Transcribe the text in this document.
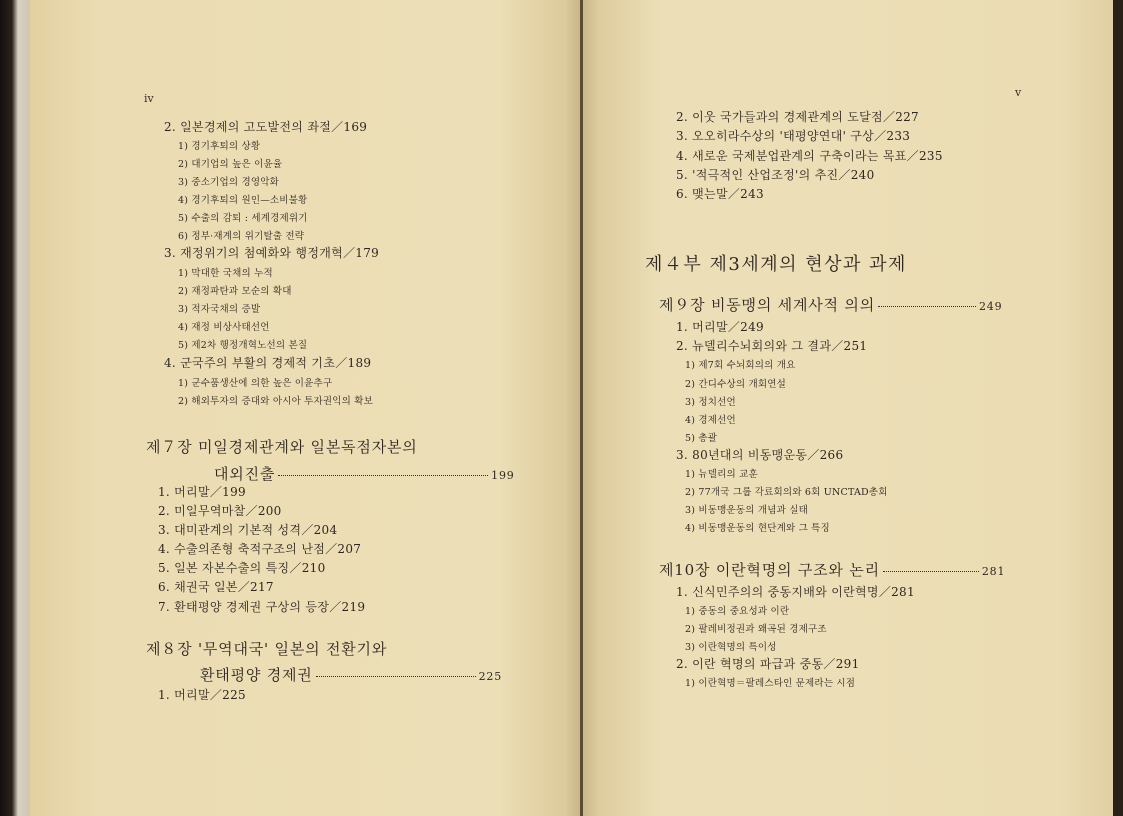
iv
2. 일본경제의 고도발전의 좌절／169
1) 경기후퇴의 상황
2) 대기업의 높은 이윤율
3) 중소기업의 경영악화
4) 경기후퇴의 원인—소비불황
5) 수출의 감퇴 : 세계경제위기
6) 정부·재계의 위기탈출 전략
3. 재정위기의 첨예화와 행정개혁／179
1) 막대한 국채의 누적
2) 재정파탄과 모순의 확대
3) 적자국채의 증발
4) 재정 비상사태선언
5) 제2차 행정개혁노선의 본질
4. 군국주의 부활의 경제적 기초／189
1) 군수품생산에 의한 높은 이윤추구
2) 해외투자의 증대와 아시아 투자권익의 확보
제７장 미일경제관계와 일본독점자본의
대외진출	199
1. 머리말／199
2. 미일무역마찰／200
3. 대미관계의 기본적 성격／204
4. 수출의존형 축적구조의 난점／207
5. 일본 자본수출의 특징／210
6. 채권국 일본／217
7. 환태평양 경제권 구상의 등장／219
제８장 '무역대국' 일본의 전환기와
환태평양 경제권	225
1. 머리말／225
v
2. 이웃 국가들과의 경제관계의 도달점／227
3. 오오히라수상의 '태평양연대' 구상／233
4. 새로운 국제분업관계의 구축이라는 목표／235
5. '적극적인 산업조정'의 추진／240
6. 맺는말／243
제４부 제3세계의 현상과 과제
제９장 비동맹의 세계사적 의의	249
1. 머리말／249
2. 뉴델리수뇌회의와 그 결과／251
1) 제7회 수뇌회의의 개요
2) 간디수상의 개회연설
3) 정치선언
4) 경제선언
5) 총괄
3. 80년대의 비동맹운동／266
1) 뉴델리의 교훈
2) 77개국 그룹 각료회의와 6회 UNCTAD총회
3) 비동맹운동의 개념과 실태
4) 비동맹운동의 현단계와 그 특징
제10장 이란혁명의 구조와 논리	281
1. 신식민주의의 중동지배와 이란혁명／281
1) 중동의 중요성과 이란
2) 팔레비정권과 왜곡된 경제구조
3) 이란혁명의 특이성
2. 이란 혁명의 파급과 중동／291
1) 이란혁명＝팔레스타인 문제라는 시점
